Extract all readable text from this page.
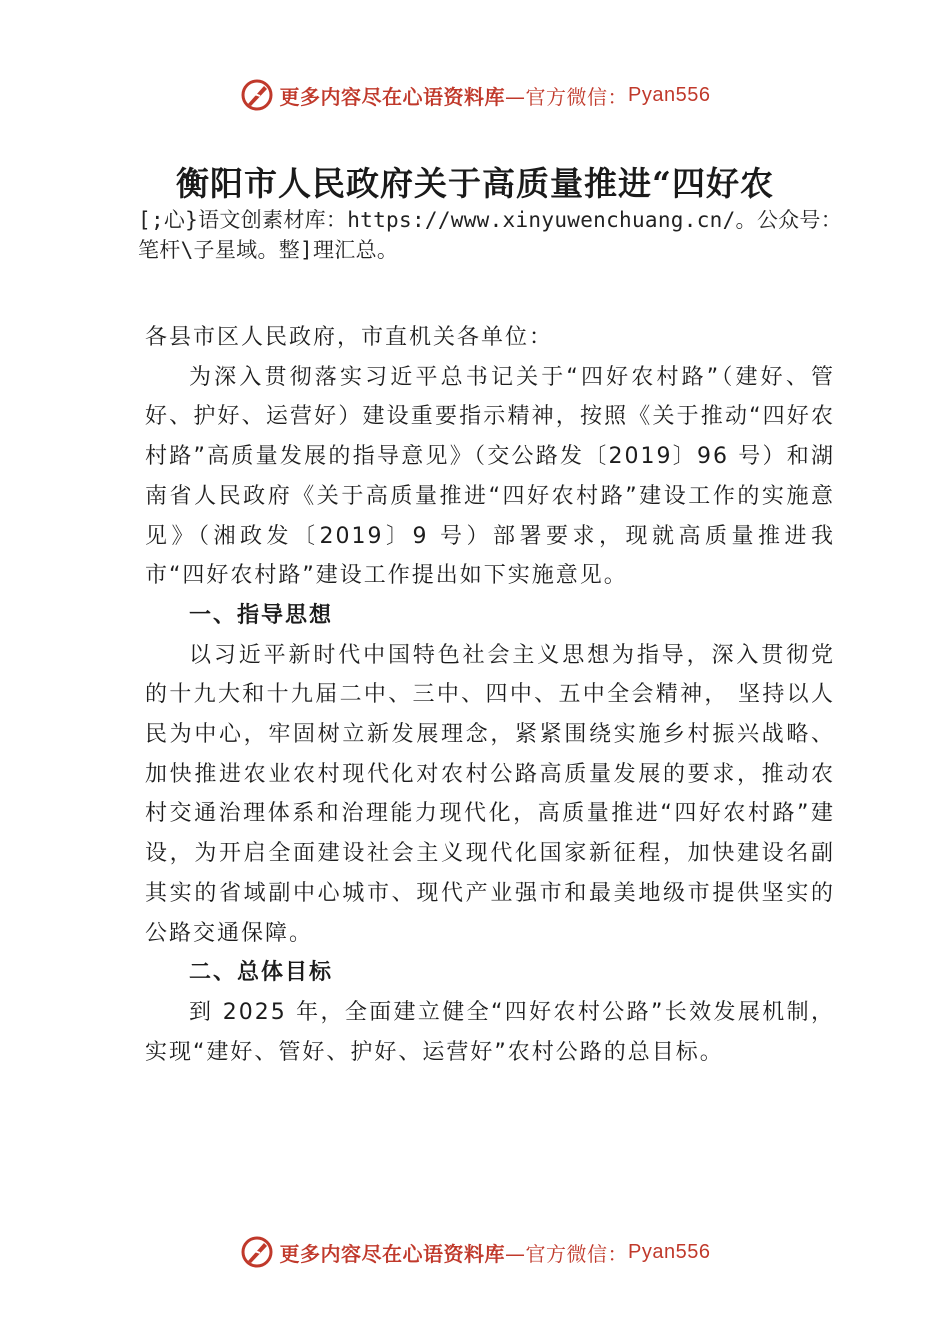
更多内容尽在心语资料库 —官方微信： Pyan556
衡阳市人民政府关于高质量推进“四好农
[;心}语文创素材库：https://www.xinyuwenchuang.cn/。公众号：笔杆\子星域。整]理汇总。

各县市区人民政府，市直机关各单位：

为深入贯彻落实习近平总书记关于“四好农村路”（建好、管好、护好、运营好）建设重要指示精神，按照《关于推动“四好农村路”高质量发展的指导意见》（交公路发〔2019〕96 号）和湖南省人民政府《关于高质量推进“四好农村路”建设工作的实施意见》（湘政发〔2019〕9 号）部署要求，现就高质量推进我市“四好农村路”建设工作提出如下实施意见。

一、指导思想

以习近平新时代中国特色社会主义思想为指导，深入贯彻党的十九大和十九届二中、三中、四中、五中全会精神， 坚持以人民为中心，牢固树立新发展理念，紧紧围绕实施乡村振兴战略、加快推进农业农村现代化对农村公路高质量发展的要求，推动农村交通治理体系和治理能力现代化，高质量推进“四好农村路”建设，为开启全面建设社会主义现代化国家新征程，加快建设名副其实的省域副中心城市、现代产业强市和最美地级市提供坚实的公路交通保障。

二、总体目标

到 2025 年，全面建立健全“四好农村公路”长效发展机制，实现“建好、管好、护好、运营好”农村公路的总目标。

更多内容尽在心语资料库 —官方微信： Pyan556
